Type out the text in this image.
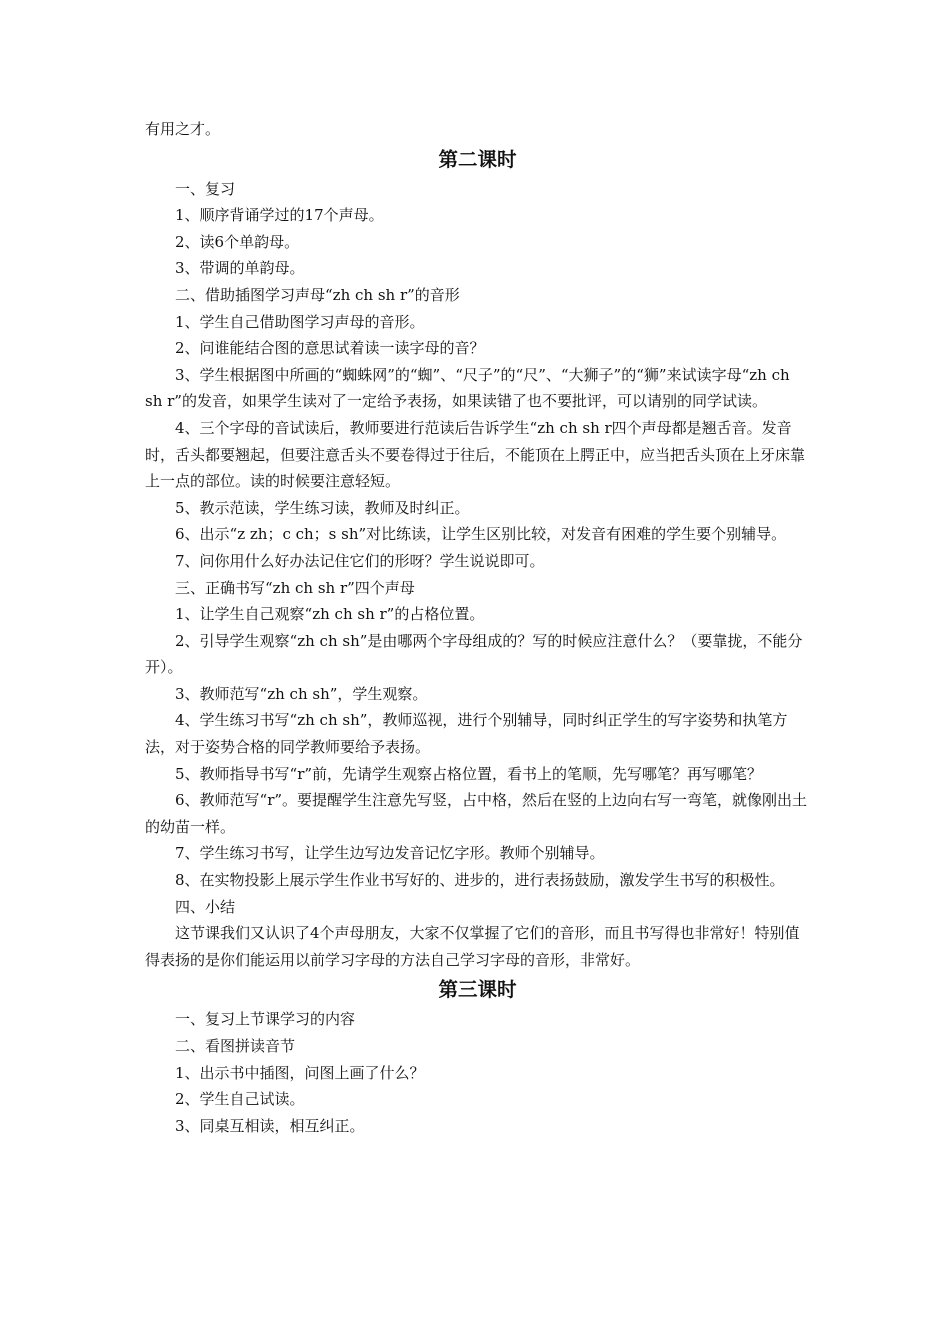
有用之才。

第二课时

一、复习

1、顺序背诵学过的17个声母。

2、读6个单韵母。

3、带调的单韵母。

二、借助插图学习声母“zh ch sh r”的音形

1、学生自己借助图学习声母的音形。

2、问谁能结合图的意思试着读一读字母的音？

3、学生根据图中所画的“蜘蛛网”的“蜘”、“尺子”的“尺”、“大狮子”的“狮”来试读字母“zh ch sh r”的发音，如果学生读对了一定给予表扬，如果读错了也不要批评，可以请别的同学试读。

4、三个字母的音试读后，教师要进行范读后告诉学生“zh ch sh r四个声母都是翘舌音。发音时，舌头都要翘起，但要注意舌头不要卷得过于往后，不能顶在上腭正中，应当把舌头顶在上牙床靠上一点的部位。读的时候要注意轻短。

5、教示范读，学生练习读，教师及时纠正。

6、出示“z zh；c ch；s sh”对比练读，让学生区别比较，对发音有困难的学生要个别辅导。

7、问你用什么好办法记住它们的形呀？学生说说即可。

三、正确书写“zh ch sh r”四个声母

1、让学生自己观察“zh ch sh r”的占格位置。

2、引导学生观察“zh ch sh”是由哪两个字母组成的？写的时候应注意什么？（要靠拢，不能分开）。

3、教师范写“zh ch sh”，学生观察。

4、学生练习书写“zh ch sh”，教师巡视，进行个别辅导，同时纠正学生的写字姿势和执笔方法，对于姿势合格的同学教师要给予表扬。

5、教师指导书写“r”前，先请学生观察占格位置，看书上的笔顺，先写哪笔？再写哪笔？

6、教师范写“r”。要提醒学生注意先写竖，占中格，然后在竖的上边向右写一弯笔，就像刚出土的幼苗一样。

7、学生练习书写，让学生边写边发音记忆字形。教师个别辅导。

8、在实物投影上展示学生作业书写好的、进步的，进行表扬鼓励，激发学生书写的积极性。

四、小结

这节课我们又认识了4个声母朋友，大家不仅掌握了它们的音形，而且书写得也非常好！特别值得表扬的是你们能运用以前学习字母的方法自己学习字母的音形，非常好。

第三课时

一、复习上节课学习的内容

二、看图拼读音节

1、出示书中插图，问图上画了什么？

2、学生自己试读。

3、同桌互相读，相互纠正。
